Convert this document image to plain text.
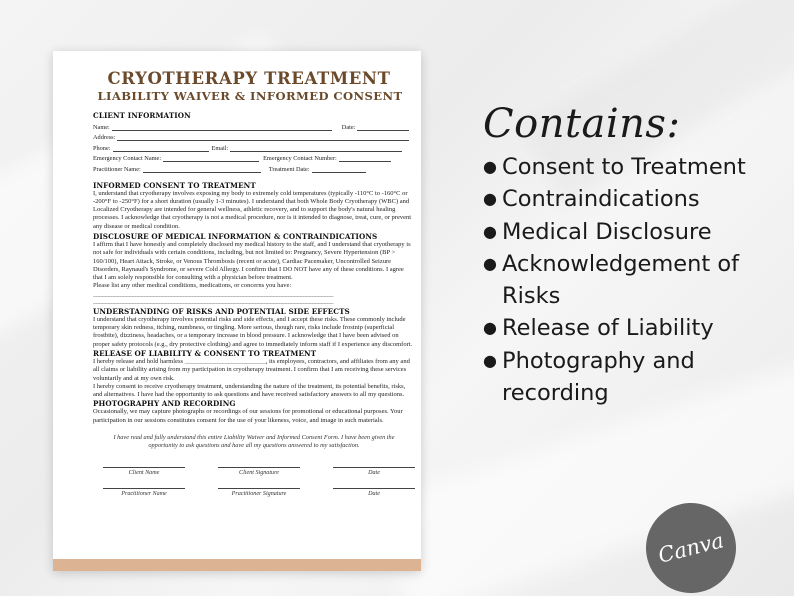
CRYOTHERAPY TREATMENT
LIABILITY WAIVER & INFORMED CONSENT
CLIENT INFORMATION
Name:	Date:
Address:
Phone:	Email:
Emergency Contact Name:	Emergency Contact Number:
Practitioner Name:	Treatment Date:
INFORMED CONSENT TO TREATMENT
I, understand that cryotherapy involves exposing my body to extremely cold temperatures (typically -110°C to -160°C or -200°F to -250°F) for a short duration (usually 1-3 minutes). I understand that both Whole Body Cryotherapy (WBC) and Localized Cryotherapy are intended for general wellness, athletic recovery, and to support the body's natural healing processes. I acknowledge that cryotherapy is not a medical procedure, nor is it intended to diagnose, treat, cure, or prevent any disease or medical condition.
DISCLOSURE OF MEDICAL INFORMATION & CONTRAINDICATIONS
I affirm that I have honestly and completely disclosed my medical history to the staff, and I understand that cryotherapy is not safe for individuals with certain conditions, including, but not limited to: Pregnancy, Severe Hypertension (BP > 160/100), Heart Attack, Stroke, or Venous Thrombosis (recent or acute), Cardiac Pacemaker, Uncontrolled Seizure Disorders, Raynaud's Syndrome, or severe Cold Allergy. I confirm that I DO NOT have any of these conditions. I agree that I am solely responsible for consulting with a physician before treatment.
Please list any other medical conditions, medications, or concerns you have:
________________________________________________________________________________
________________________________________________________________________________
UNDERSTANDING OF RISKS AND POTENTIAL SIDE EFFECTS
I understand that cryotherapy involves potential risks and side effects, and I accept these risks. These commonly include temporary skin redness, itching, numbness, or tingling. More serious, though rare, risks include frostnip (superficial frostbite), dizziness, headaches, or a temporary increase in blood pressure. I acknowledge that I have been advised on proper safety protocols (e.g., dry protective clothing) and agree to immediately inform staff if I experience any discomfort.
RELEASE OF LIABILITY & CONSENT TO TREATMENT
I hereby release and hold harmless ______________________________, its employees, contractors, and affiliates from any and all claims or liability arising from my participation in cryotherapy treatment. I confirm that I am receiving these services voluntarily and at my own risk.
I hereby consent to receive cryotherapy treatment, understanding the nature of the treatment, its potential benefits, risks, and alternatives. I have had the opportunity to ask questions and have received satisfactory answers to all my questions.
PHOTOGRAPHY AND RECORDING
Occasionally, we may capture photographs or recordings of our sessions for promotional or educational purposes. Your participation in our sessions constitutes consent for the use of your likeness, voice, and image in such materials.
I have read and fully understand this entire Liability Waiver and Informed Consent Form. I have been given the opportunity to ask questions and have all my questions answered to my satisfaction.
Client Name	Client Signature	Date
Practitioner Name	Practitioner Signature	Date
Contains:
● Consent to Treatment
● Contraindications
● Medical Disclosure
● Acknowledgement of
Risks
● Release of Liability
● Photography and
recording
Canva
